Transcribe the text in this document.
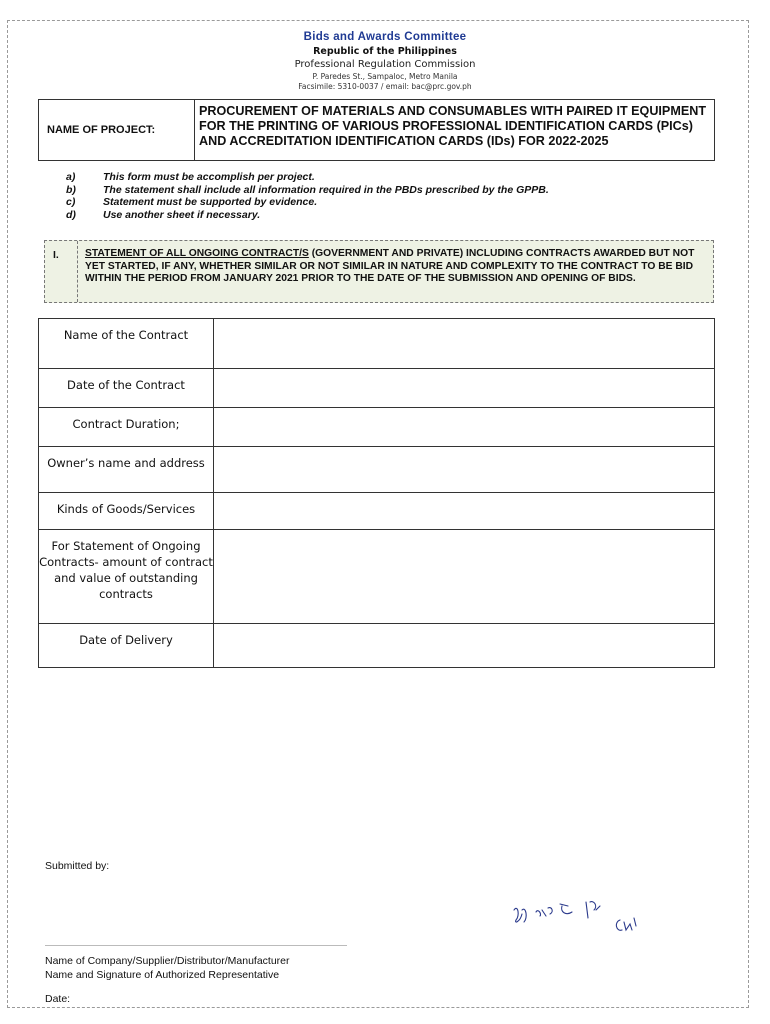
Bids and Awards Committee
Republic of the Philippines
Professional Regulation Commission
P. Paredes St., Sampaloc, Metro Manila
Facsimile: 5310-0037 / email: bac@prc.gov.ph
NAME OF PROJECT:
PROCUREMENT OF MATERIALS AND CONSUMABLES WITH PAIRED IT EQUIPMENT FOR THE PRINTING OF VARIOUS PROFESSIONAL IDENTIFICATION CARDS (PICs) AND ACCREDITATION IDENTIFICATION CARDS (IDs) FOR 2022-2025
a)	This form must be accomplish per project.
b)	The statement shall include all information required in the PBDs prescribed by the GPPB.
c)	Statement must be supported by evidence.
d)	Use another sheet if necessary.
I.	STATEMENT OF ALL ONGOING CONTRACT/S (GOVERNMENT AND PRIVATE) INCLUDING CONTRACTS AWARDED BUT NOT YET STARTED, IF ANY, WHETHER SIMILAR OR NOT SIMILAR IN NATURE AND COMPLEXITY TO THE CONTRACT TO BE BID WITHIN THE PERIOD FROM JANUARY 2021 PRIOR TO THE DATE OF THE SUBMISSION AND OPENING OF BIDS.
Name of the Contract	
Date of the Contract	
Contract Duration;	
Owner’s name and address	
Kinds of Goods/Services	
For Statement of Ongoing Contracts- amount of contract and value of outstanding contracts	
Date of Delivery	
Submitted by:
Name of Company/Supplier/Distributor/Manufacturer
Name and Signature of Authorized Representative
Date:
